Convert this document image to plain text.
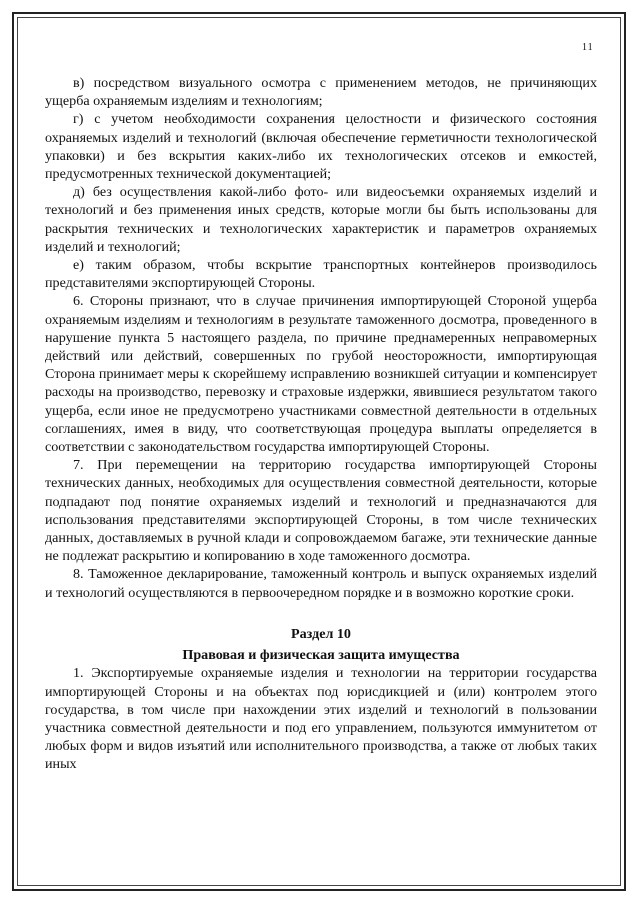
11

в) посредством визуального осмотра с применением методов, не причиняющих ущерба охраняемым изделиям и технологиям;

г) с учетом необходимости сохранения целостности и физического состояния охраняемых изделий и технологий (включая обеспечение герметичности технологической упаковки) и без вскрытия каких-либо их технологических отсеков и емкостей, предусмотренных технической документацией;

д) без осуществления какой-либо фото- или видеосъемки охраняемых изделий и технологий и без применения иных средств, которые могли бы быть использованы для раскрытия технических и технологических характеристик и параметров охраняемых изделий и технологий;

е) таким образом, чтобы вскрытие транспортных контейнеров производилось представителями экспортирующей Стороны.

6. Стороны признают, что в случае причинения импортирующей Стороной ущерба охраняемым изделиям и технологиям в результате таможенного досмотра, проведенного в нарушение пункта 5 настоящего раздела, по причине преднамеренных неправомерных действий или действий, совершенных по грубой неосторожности, импортирующая Сторона принимает меры к скорейшему исправлению возникшей ситуации и компенсирует расходы на производство, перевозку и страховые издержки, явившиеся результатом такого ущерба, если иное не предусмотрено участниками совместной деятельности в отдельных соглашениях, имея в виду, что соответствующая процедура выплаты определяется в соответствии с законодательством государства импортирующей Стороны.

7. При перемещении на территорию государства импортирующей Стороны технических данных, необходимых для осуществления совместной деятельности, которые подпадают под понятие охраняемых изделий и технологий и предназначаются для использования представителями экспортирующей Стороны, в том числе технических данных, доставляемых в ручной клади и сопровождаемом багаже, эти технические данные не подлежат раскрытию и копированию в ходе таможенного досмотра.

8. Таможенное декларирование, таможенный контроль и выпуск охраняемых изделий и технологий осуществляются в первоочередном порядке и в возможно короткие сроки.

Раздел 10

Правовая и физическая защита имущества

1. Экспортируемые охраняемые изделия и технологии на территории государства импортирующей Стороны и на объектах под юрисдикцией и (или) контролем этого государства, в том числе при нахождении этих изделий и технологий в пользовании участника совместной деятельности и под его управлением, пользуются иммунитетом от любых форм и видов изъятий или исполнительного производства, а также от любых таких иных
